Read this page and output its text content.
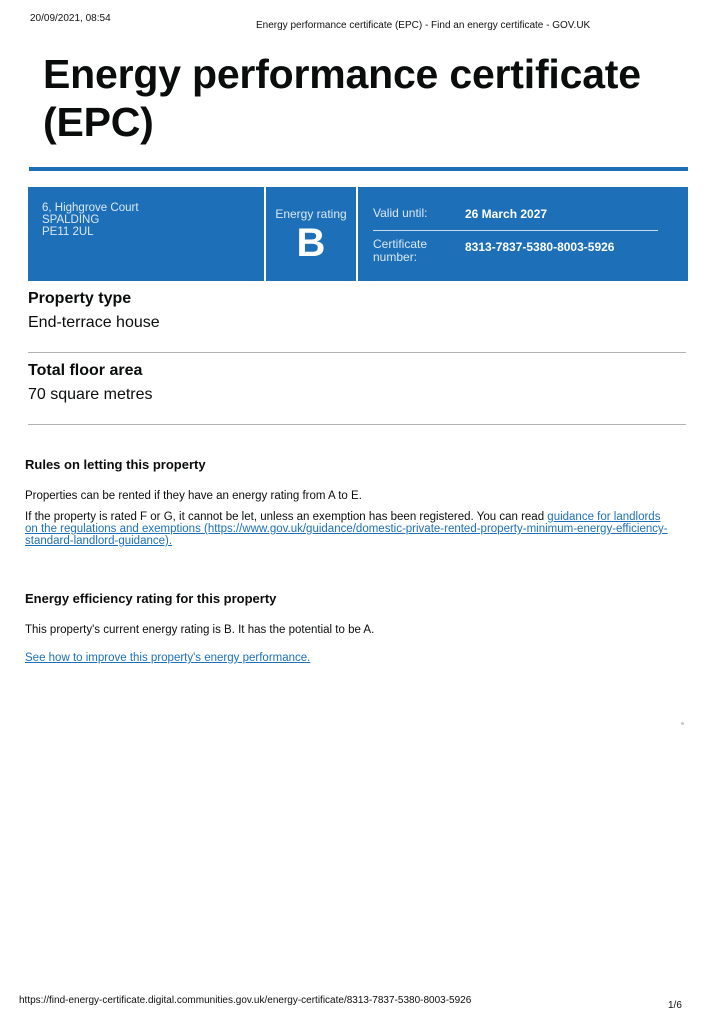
20/09/2021, 08:54
Energy performance certificate (EPC) - Find an energy certificate - GOV.UK
Energy performance certificate
(EPC)
6, Highgrove Court
SPALDING
PE11 2UL
Energy rating
B
Valid until:	26 March 2027
Certificate
number:
8313-7837-5380-8003-5926
Property type
End-terrace house
Total floor area
70 square metres
Rules on letting this property

Properties can be rented if they have an energy rating from A to E.

If the property is rated F or G, it cannot be let, unless an exemption has been registered. You can read guidance for landlords
on the regulations and exemptions (https://www.gov.uk/guidance/domestic-private-rented-property-minimum-energy-efficiency-
standard-landlord-guidance).

Energy efficiency rating for this property

This property's current energy rating is B. It has the potential to be A.

See how to improve this property's energy performance.

https://find-energy-certificate.digital.communities.gov.uk/energy-certificate/8313-7837-5380-8003-5926	1/6
